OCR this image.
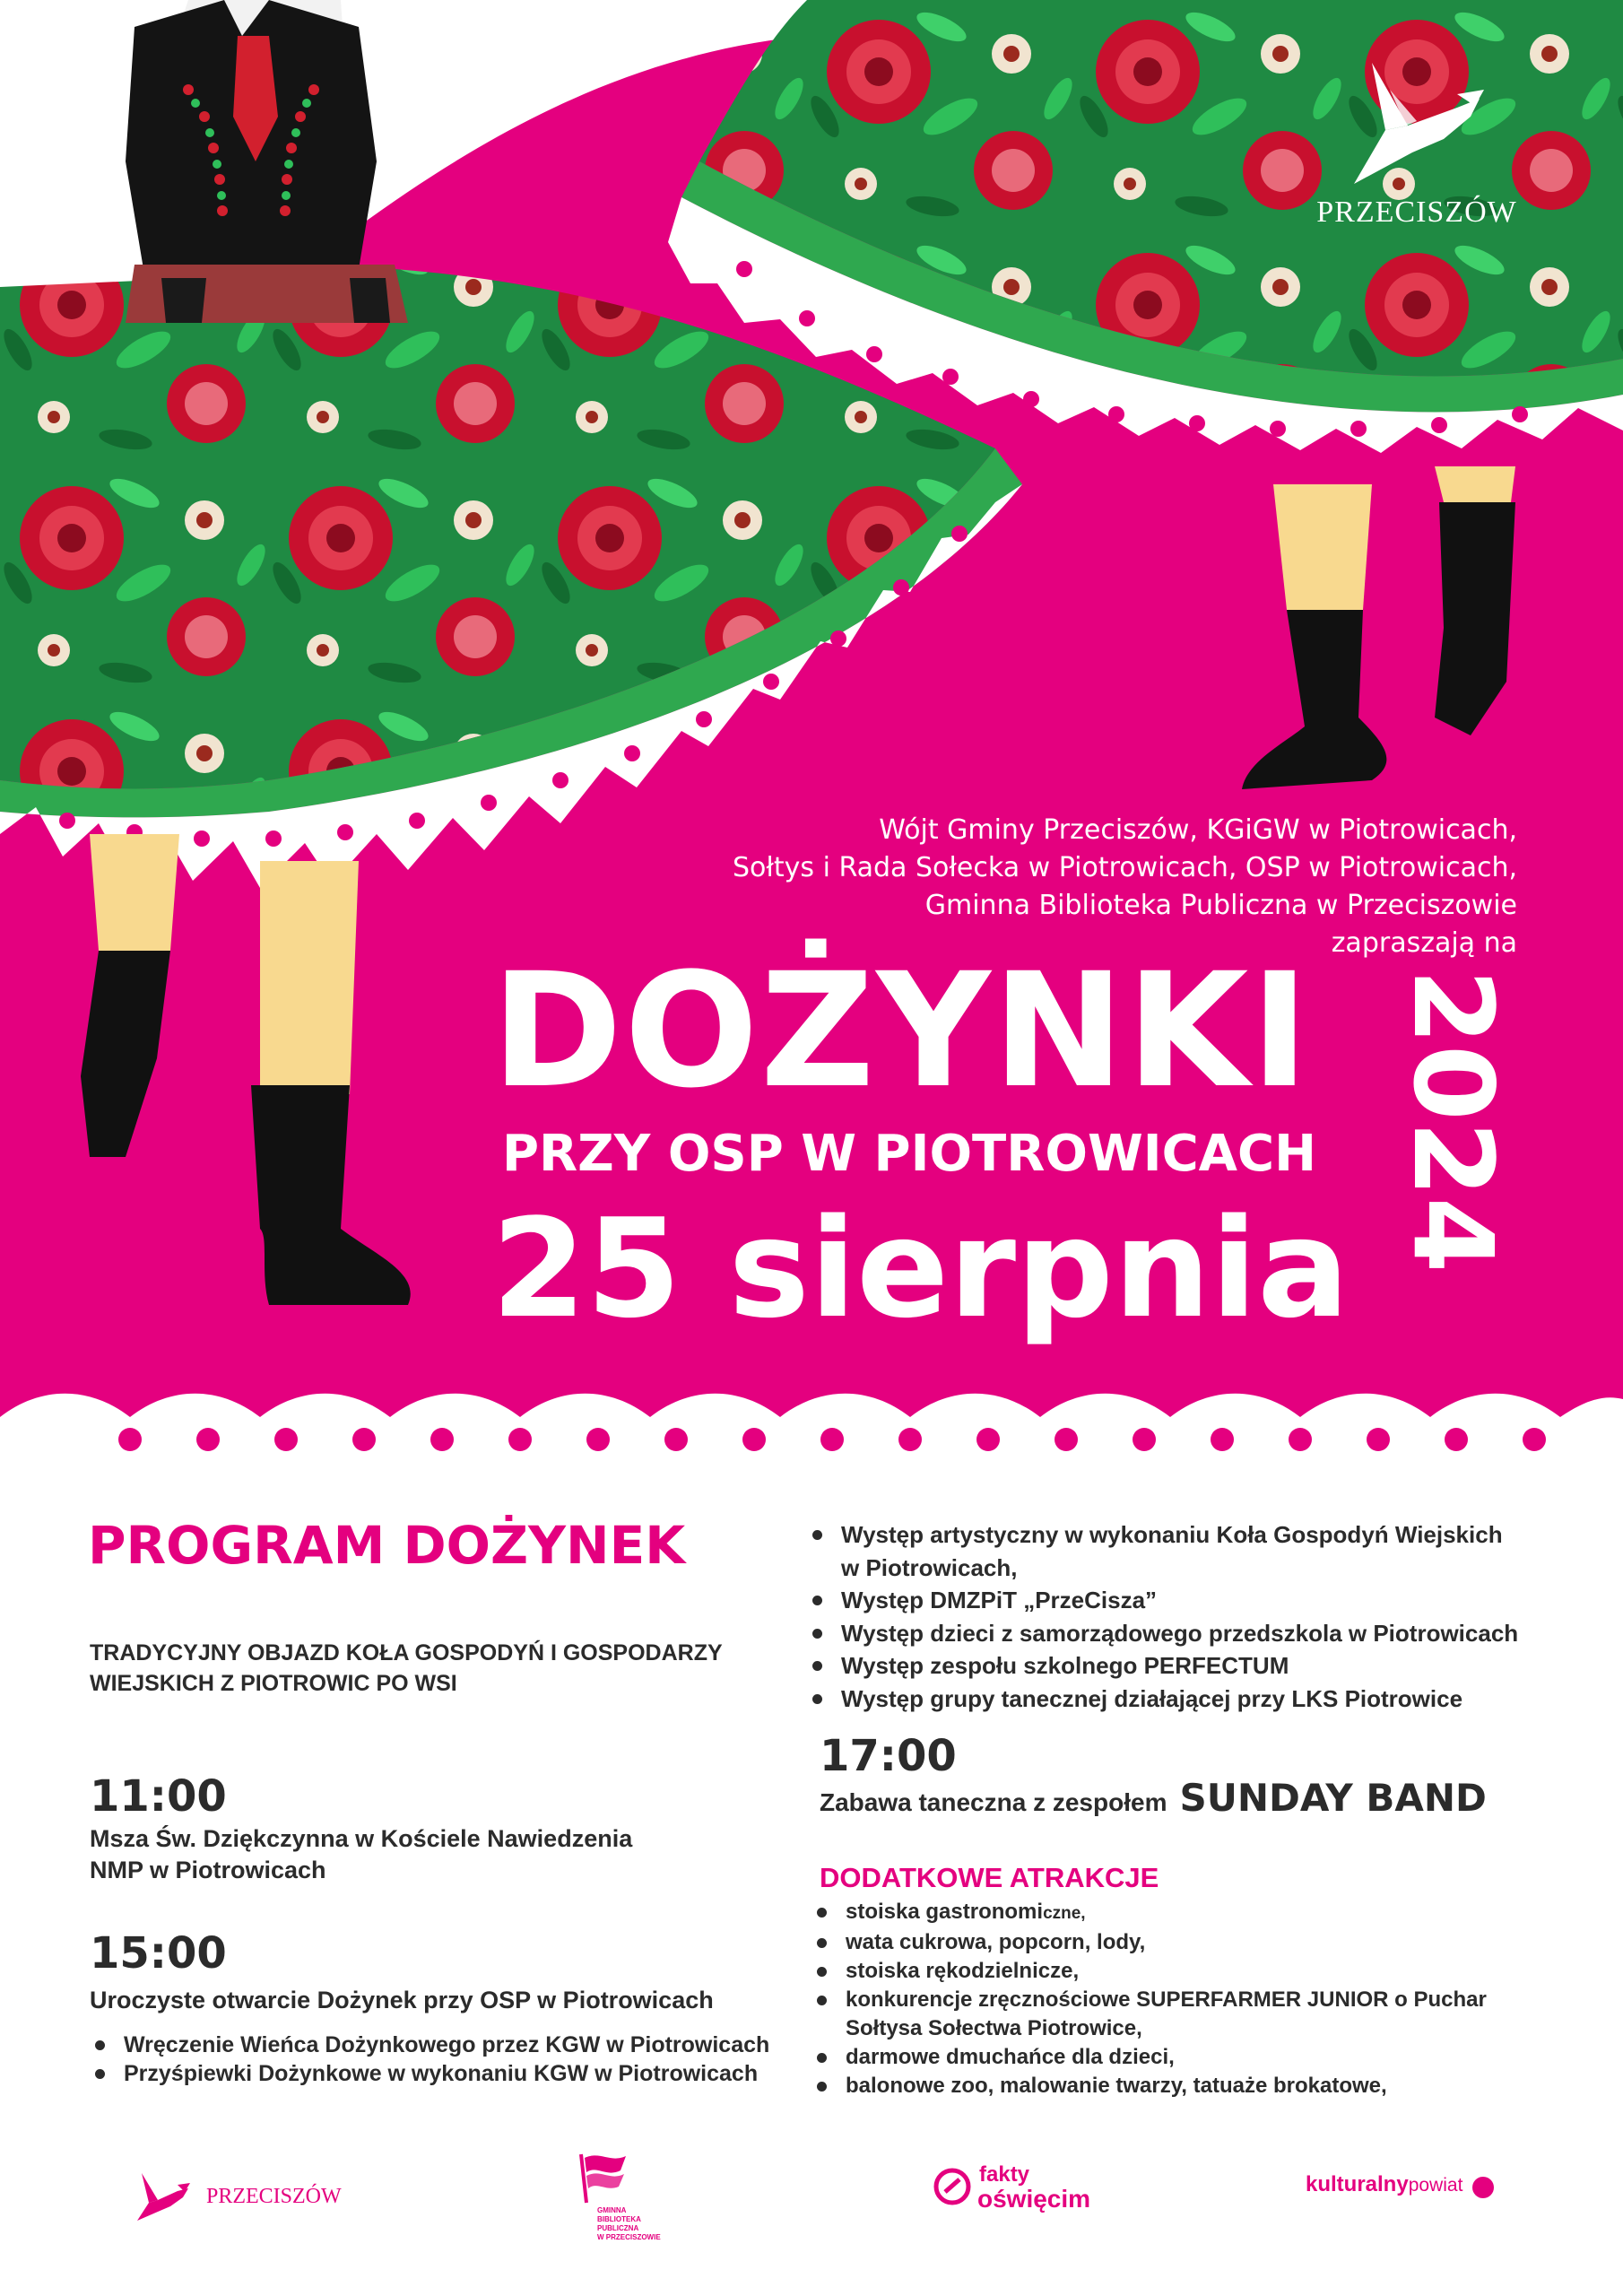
PRZECISZÓW
Wójt Gminy Przeciszów, KGiGW w Piotrowicach,
Sołtys i Rada Sołecka w Piotrowicach, OSP w Piotrowicach,
Gminna Biblioteka Publiczna w Przeciszowie
zapraszają na
DOŻYNKI
PRZY OSP W PIOTROWICACH
25 sierpnia 2024
PROGRAM DOŻYNEK
TRADYCYJNY OBJAZD KOŁA GOSPODYŃ I GOSPODARZY WIEJSKICH Z PIOTROWIC PO WSI
11:00
Msza Św. Dziękczynna w Kościele Nawiedzenia
NMP w Piotrowicach
15:00
Uroczyste otwarcie Dożynek przy OSP w Piotrowicach
Wręczenie Wieńca Dożynkowego przez KGW w Piotrowicach
Przyśpiewki Dożynkowe w wykonaniu KGW w Piotrowicach
Występ artystyczny w wykonaniu Koła Gospodyń Wiejskich
w Piotrowicach,
Występ DMZPiT „PrzeCisza”
Występ dzieci z samorządowego przedszkola w Piotrowicach
Występ zespołu szkolnego PERFECTUM
Występ grupy tanecznej działającej przy LKS Piotrowice
17:00
Zabawa taneczna z zespołem SUNDAY BAND
DODATKOWE ATRAKCJE
stoiska gastronomiczne,
wata cukrowa, popcorn, lody,
stoiska rękodzielnicze,
konkurencje zręcznościowe SUPERFARMER JUNIOR o Puchar
Sołtysa Sołectwa Piotrowice,
darmowe dmuchańce dla dzieci,
balonowe zoo, malowanie twarzy, tatuaże brokatowe,
PRZECISZÓW
GMINNA
BIBLIOTEKA
PUBLICZNA
W PRZECISZOWIE
fakty
oświęcim
kulturalnypowiat
